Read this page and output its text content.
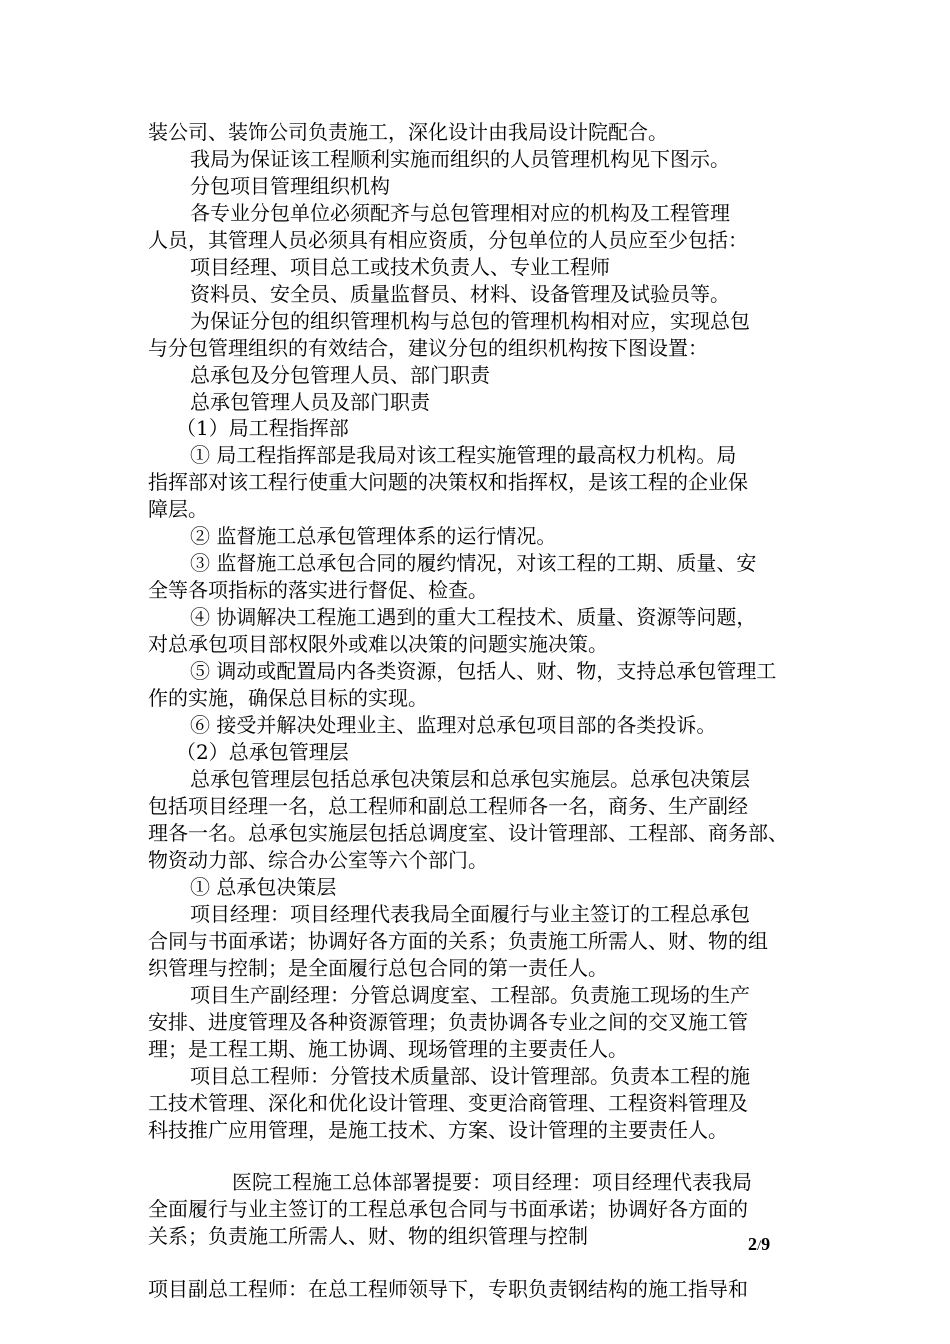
装公司、装饰公司负责施工，深化设计由我局设计院配合。
我局为保证该工程顺利实施而组织的人员管理机构见下图示。
分包项目管理组织机构
各专业分包单位必须配齐与总包管理相对应的机构及工程管理
人员，其管理人员必须具有相应资质，分包单位的人员应至少包括：
项目经理、项目总工或技术负责人、专业工程师
资料员、安全员、质量监督员、材料、设备管理及试验员等。
为保证分包的组织管理机构与总包的管理机构相对应，实现总包
与分包管理组织的有效结合，建议分包的组织机构按下图设置：
总承包及分包管理人员、部门职责
总承包管理人员及部门职责
（1）局工程指挥部
① 局工程指挥部是我局对该工程实施管理的最高权力机构。局
指挥部对该工程行使重大问题的决策权和指挥权，是该工程的企业保
障层。
② 监督施工总承包管理体系的运行情况。
③ 监督施工总承包合同的履约情况，对该工程的工期、质量、安
全等各项指标的落实进行督促、检查。
④ 协调解决工程施工遇到的重大工程技术、质量、资源等问题，
对总承包项目部权限外或难以决策的问题实施决策。
⑤ 调动或配置局内各类资源，包括人、财、物，支持总承包管理工
作的实施，确保总目标的实现。
⑥ 接受并解决处理业主、监理对总承包项目部的各类投诉。
（2）总承包管理层
总承包管理层包括总承包决策层和总承包实施层。总承包决策层
包括项目经理一名，总工程师和副总工程师各一名，商务、生产副经
理各一名。总承包实施层包括总调度室、设计管理部、工程部、商务部、
物资动力部、综合办公室等六个部门。
① 总承包决策层
项目经理：项目经理代表我局全面履行与业主签订的工程总承包
合同与书面承诺；协调好各方面的关系；负责施工所需人、财、物的组
织管理与控制；是全面履行总包合同的第一责任人。
项目生产副经理：分管总调度室、工程部。负责施工现场的生产
安排、进度管理及各种资源管理；负责协调各专业之间的交叉施工管
理；是工程工期、施工协调、现场管理的主要责任人。
项目总工程师：分管技术质量部、设计管理部。负责本工程的施
工技术管理、深化和优化设计管理、变更洽商管理、工程资料管理及
科技推广应用管理，是施工技术、方案、设计管理的主要责任人。
医院工程施工总体部署提要：项目经理：项目经理代表我局
全面履行与业主签订的工程总承包合同与书面承诺；协调好各方面的
关系；负责施工所需人、财、物的组织管理与控制
项目副总工程师：在总工程师领导下，专职负责钢结构的施工指导和
2/9
